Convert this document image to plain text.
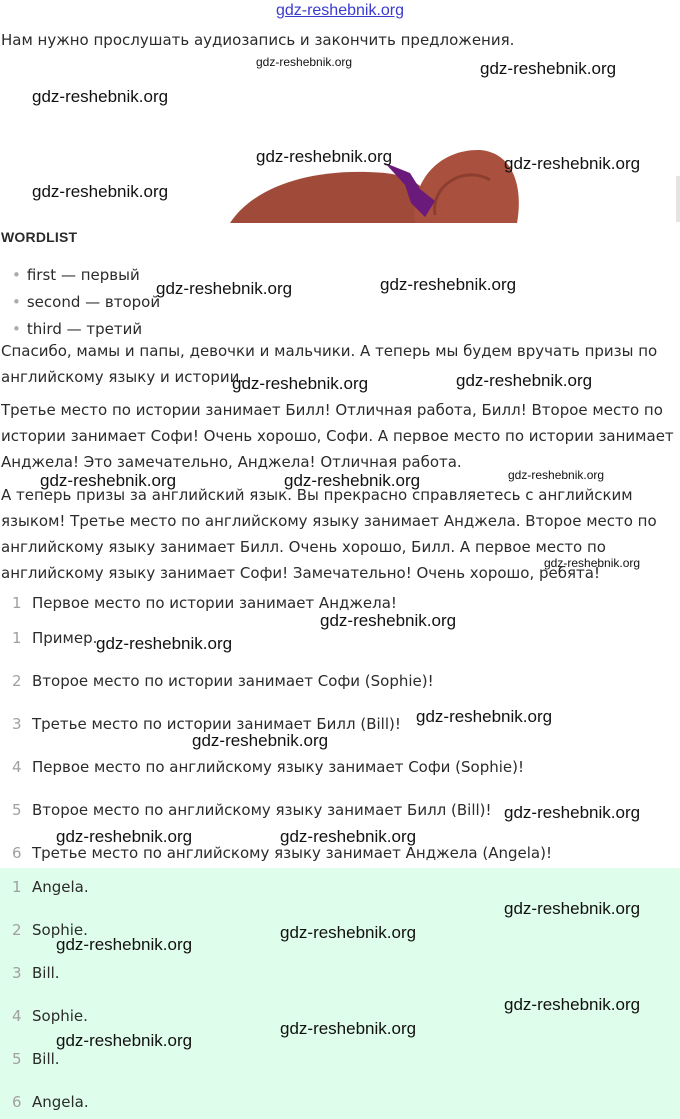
gdz-reshebnik.org
Нам нужно прослушать аудиозапись и закончить предложения.
WORDLIST
• first — первый
• second — второй
• third — третий
Спасибо, мамы и папы, девочки и мальчики. А теперь мы будем вручать призы по английскому языку и истории.
Третье место по истории занимает Билл! Отличная работа, Билл! Второе место по истории занимает Софи! Очень хорошо, Софи. А первое место по истории занимает Анджела! Это замечательно, Анджела! Отличная работа.
А теперь призы за английский язык. Вы прекрасно справляетесь с английским языком! Третье место по английскому языку занимает Анджела. Второе место по английскому языку занимает Билл. Очень хорошо, Билл. А первое место по английскому языку занимает Софи! Замечательно! Очень хорошо, ребята!
1 Первое место по истории занимает Анджела!
1 Пример.
2 Второе место по истории занимает Софи (Sophie)!
3 Третье место по истории занимает Билл (Bill)!
4 Первое место по английскому языку занимает Софи (Sophie)!
5 Второе место по английскому языку занимает Билл (Bill)!
6 Третье место по английскому языку занимает Анджела (Angela)!
1 Angela.
2 Sophie.
3 Bill.
4 Sophie.
5 Bill.
6 Angela.
gdz-reshebnik.org	gdz-reshebnik.org
gdz-reshebnik.org
gdz-reshebnik.org	gdz-reshebnik.org
gdz-reshebnik.org
gdz-reshebnik.org	gdz-reshebnik.org
gdz-reshebnik.org	gdz-reshebnik.org
gdz-reshebnik.org
gdz-reshebnik.org	gdz-reshebnik.org
gdz-reshebnik.org
gdz-reshebnik.org
gdz-reshebnik.org
gdz-reshebnik.org
gdz-reshebnik.org
gdz-reshebnik.org
gdz-reshebnik.org	gdz-reshebnik.org
gdz-reshebnik.org
gdz-reshebnik.org
gdz-reshebnik.org
gdz-reshebnik.org
gdz-reshebnik.org
gdz-reshebnik.org
